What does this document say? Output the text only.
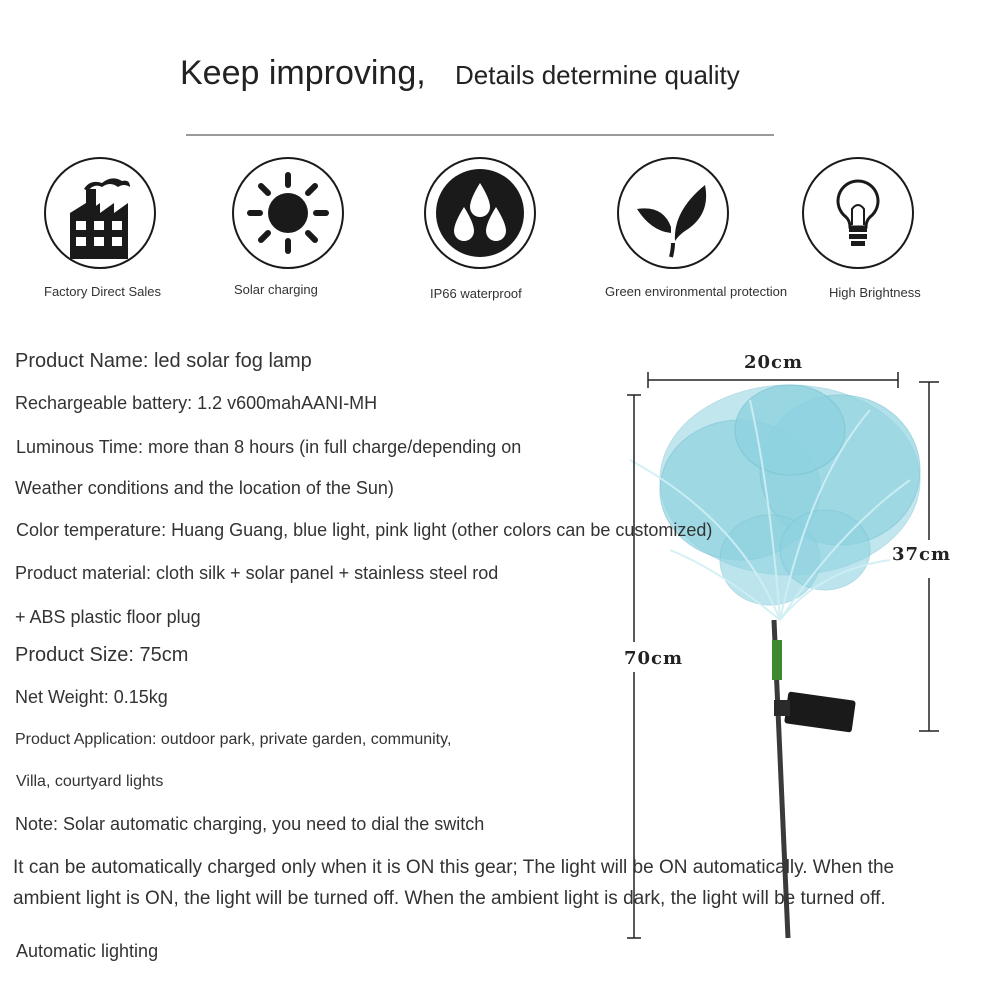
Keep improving, Details determine quality
Factory Direct Sales	Solar charging	IP66 waterproof	Green environmental protection	High Brightness
20cm
37cm
70cm
Product Name: led solar fog lamp
Rechargeable battery: 1.2 v600mahAANI-MH
Luminous Time: more than 8 hours (in full charge/depending on
Weather conditions and the location of the Sun)
Color temperature: Huang Guang, blue light, pink light (other colors can be customized)
Product material: cloth silk + solar panel + stainless steel rod
+ ABS plastic floor plug
Product Size: 75cm
Net Weight: 0.15kg
Product Application: outdoor park, private garden, community,
Villa, courtyard lights
Note: Solar automatic charging, you need to dial the switch
It can be automatically charged only when it is ON this gear; The light will be ON automatically. When the
ambient light is ON, the light will be turned off. When the ambient light is dark, the light will be turned off.
Automatic lighting
